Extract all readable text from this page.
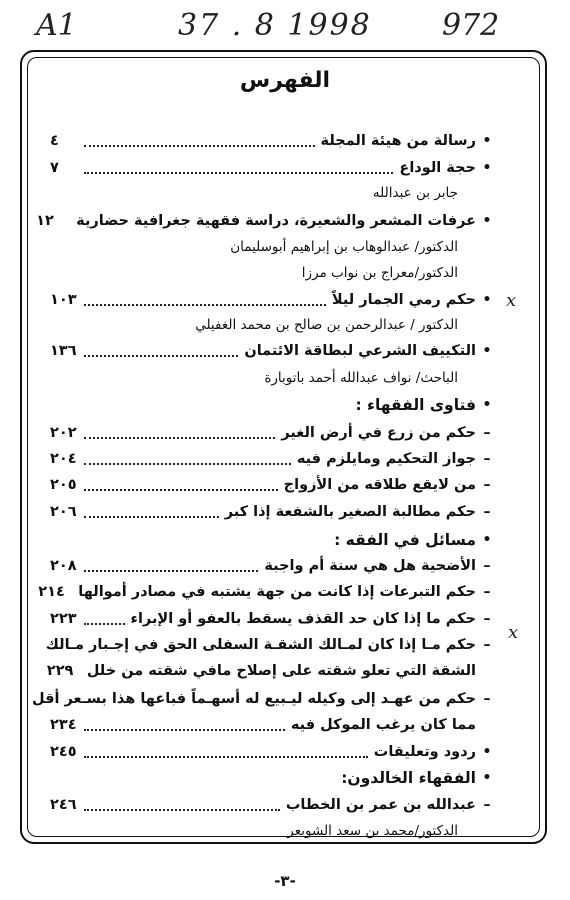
A1	37 . 8 1998 972
الفهرس
•
رسالة من هيئة المجلة
٤
•
حجة الوداع
٧
جابر بن عبدالله
•
عرفات المشعر والشعيرة، دراسة فقهية جغرافية حضارية
١٢
الدكتور/ عبدالوهاب بن إبراهيم أبوسليمان
الدكتور/معراج بن نواب مرزا
•
حكم رمي الجمار ليلاً
١٠٣
الدكتور / عبدالرحمن بن صالح بن محمد الغفيلي
•
التكييف الشرعي لبطاقة الائتمان
١٣٦
الباحث/ نواف عبدالله أحمد باتوبارة
•
فتاوى الفقهاء :
–
حكم من زرع في أرض الغير
٢٠٢
–
جواز التحكيم ومايلزم فيه
٢٠٤
–
من لايقع طلاقه من الأزواج
٢٠٥
–
حكم مطالبة الصغير بالشفعة إذا كبر
٢٠٦
•
مسائل في الفقه :
–
الأضحية هل هي سنة أم واجبة
٢٠٨
–
حكم التبرعات إذا كانت من جهة يشتبه في مصادر أموالها
٢١٤
–
حكم ما إذا كان حد القذف يسقط بالعفو أو الإبراء
٢٢٣
–
حكم مـا إذا كان لمـالك الشقـة السفلى الحق في إجـبار مـالك
الشقة التي تعلو شقته على إصلاح مافي شقته من خلل
٢٢٩
–
حكم من عهـد إلى وكيله ليـبيع له أسهـماً فباعها هذا بسـعر أقل
مما كان يرغب الموكل فيه
٢٣٤
•
ردود وتعليقات
٢٤٥
•
الفقهاء الخالدون:
–
عبدالله بن عمر بن الخطاب
٢٤٦
الدكتور/محمد بن سعد الشويعر
x
x
-٣-
